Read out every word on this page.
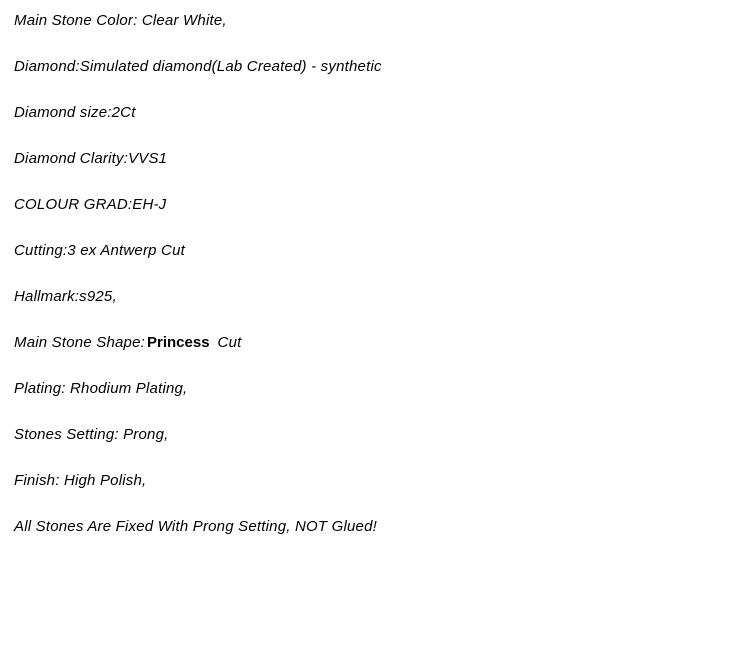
Main Stone Color: Clear White,

Diamond:Simulated diamond(Lab Created) - synthetic

Diamond size:2Ct

Diamond Clarity:VVS1

COLOUR GRAD:EH-J

Cutting:3 ex Antwerp Cut

Hallmark:s925,

Main Stone Shape: Princess Cut

Plating: Rhodium Plating,

Stones Setting: Prong,

Finish: High Polish,

All Stones Are Fixed With Prong Setting, NOT Glued!
